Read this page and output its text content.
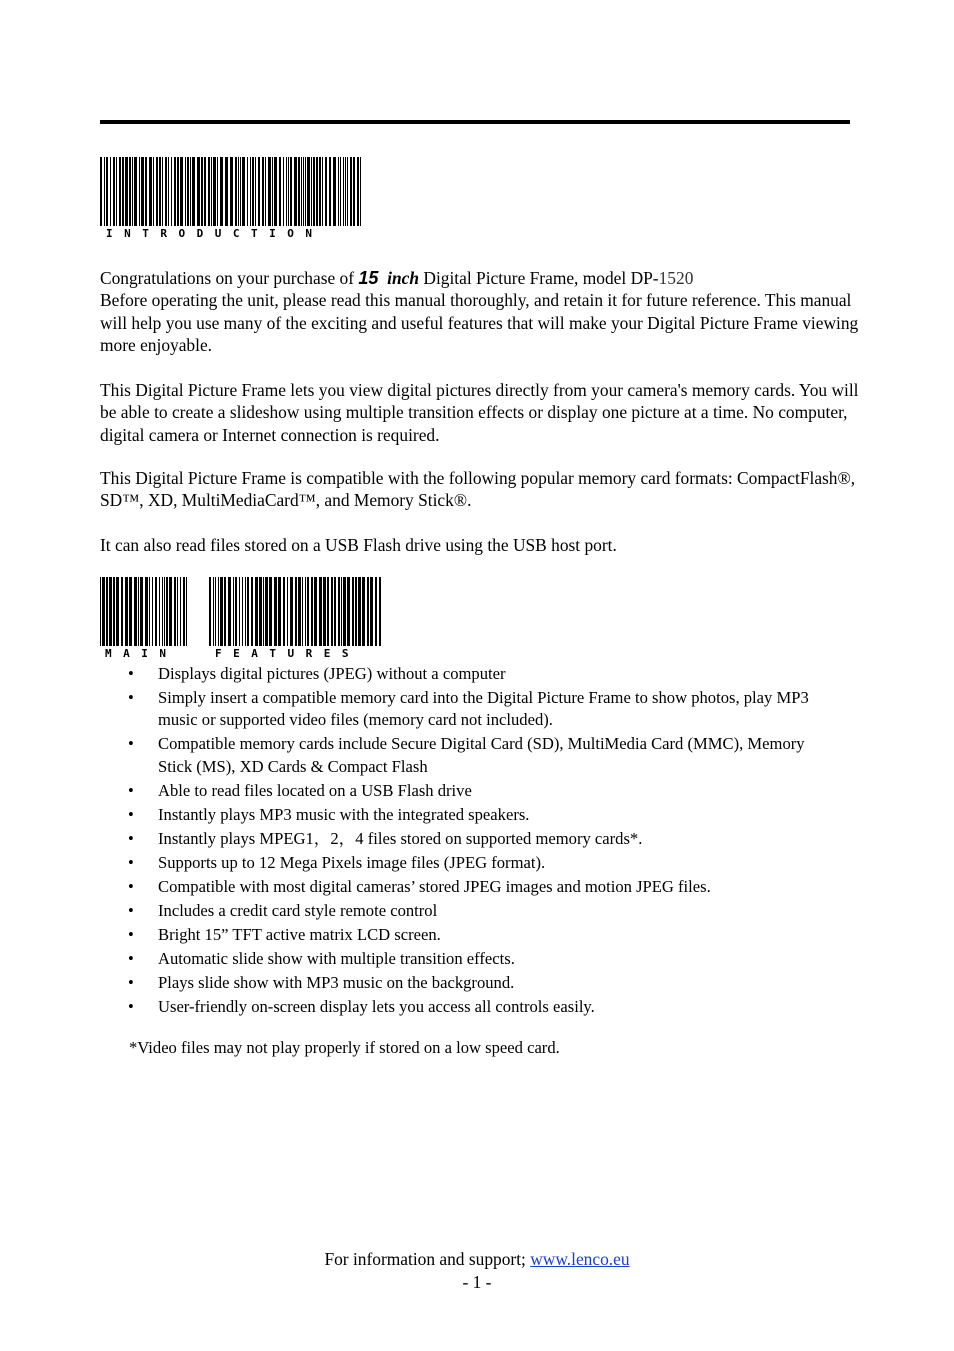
INTRODUCTION

Congratulations on your purchase of 15 inch Digital Picture Frame, model DP-1520
Before operating the unit, please read this manual thoroughly, and retain it for future reference. This manual will help you use many of the exciting and useful features that will make your Digital Picture Frame viewing more enjoyable.

This Digital Picture Frame lets you view digital pictures directly from your camera's memory cards. You will be able to create a slideshow using multiple transition effects or display one picture at a time. No computer, digital camera or Internet connection is required.

This Digital Picture Frame is compatible with the following popular memory card formats: CompactFlash®, SD™, XD, MultiMediaCard™, and Memory Stick®.

It can also read files stored on a USB Flash drive using the USB host port.

MAIN	FEATURES
• Displays digital pictures (JPEG) without a computer
• Simply insert a compatible memory card into the Digital Picture Frame to show photos, play MP3 music or supported video files (memory card not included).
• Compatible memory cards include Secure Digital Card (SD), MultiMedia Card (MMC), Memory Stick (MS), XD Cards & Compact Flash
• Able to read files located on a USB Flash drive
• Instantly plays MP3 music with the integrated speakers.
• Instantly plays MPEG1，2，4 files stored on supported memory cards*.
• Supports up to 12 Mega Pixels image files (JPEG format).
• Compatible with most digital cameras’ stored JPEG images and motion JPEG files.
• Includes a credit card style remote control
• Bright 15” TFT active matrix LCD screen.
• Automatic slide show with multiple transition effects.
• Plays slide show with MP3 music on the background.
• User-friendly on-screen display lets you access all controls easily.

*Video files may not play properly if stored on a low speed card.

For information and support; www.lenco.eu
- 1 -
